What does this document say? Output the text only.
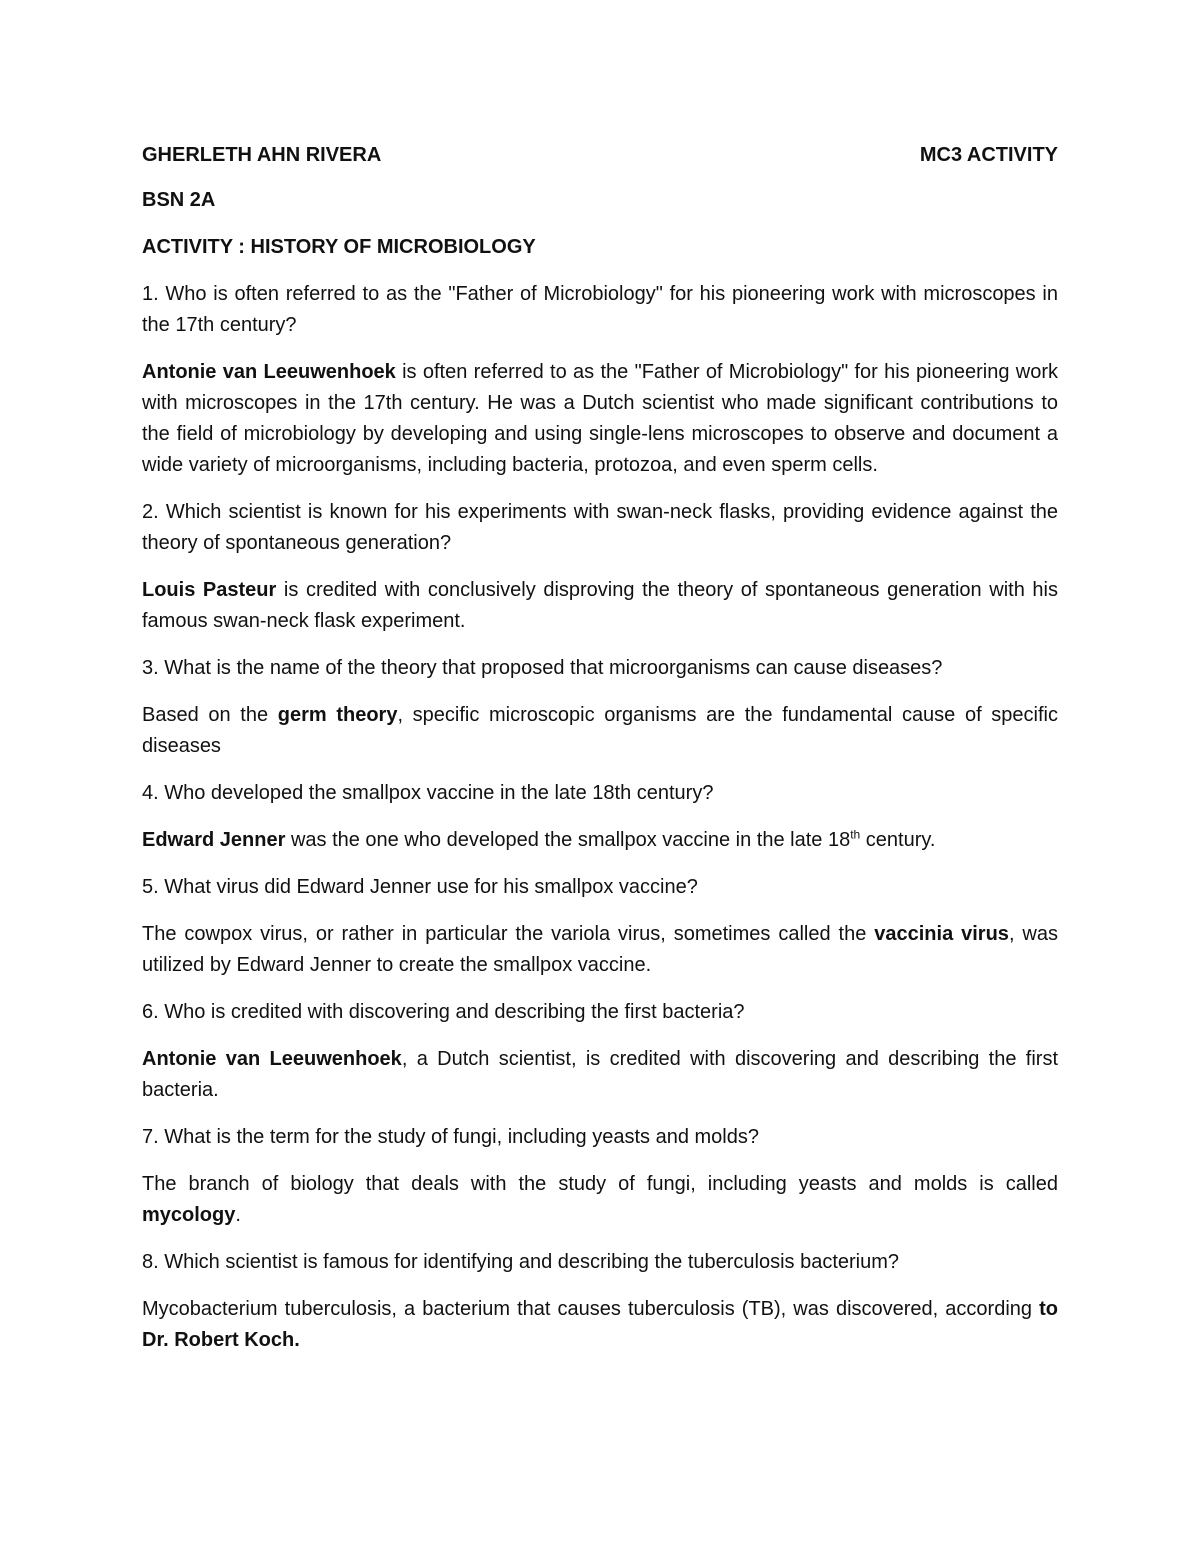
GHERLETH AHN RIVERA	MC3 ACTIVITY

BSN 2A

ACTIVITY : HISTORY OF MICROBIOLOGY

1. Who is often referred to as the "Father of Microbiology" for his pioneering work with microscopes in the 17th century?

Antonie van Leeuwenhoek is often referred to as the "Father of Microbiology" for his pioneering work with microscopes in the 17th century. He was a Dutch scientist who made significant contributions to the field of microbiology by developing and using single-lens microscopes to observe and document a wide variety of microorganisms, including bacteria, protozoa, and even sperm cells.

2. Which scientist is known for his experiments with swan-neck flasks, providing evidence against the theory of spontaneous generation?

Louis Pasteur is credited with conclusively disproving the theory of spontaneous generation with his famous swan-neck flask experiment.

3. What is the name of the theory that proposed that microorganisms can cause diseases?

Based on the germ theory, specific microscopic organisms are the fundamental cause of specific diseases

4. Who developed the smallpox vaccine in the late 18th century?

Edward Jenner was the one who developed the smallpox vaccine in the late 18th century.

5. What virus did Edward Jenner use for his smallpox vaccine?

The cowpox virus, or rather in particular the variola virus, sometimes called the vaccinia virus, was utilized by Edward Jenner to create the smallpox vaccine.

6. Who is credited with discovering and describing the first bacteria?

Antonie van Leeuwenhoek, a Dutch scientist, is credited with discovering and describing the first bacteria.

7. What is the term for the study of fungi, including yeasts and molds?

The branch of biology that deals with the study of fungi, including yeasts and molds is called mycology.

8. Which scientist is famous for identifying and describing the tuberculosis bacterium?

Mycobacterium tuberculosis, a bacterium that causes tuberculosis (TB), was discovered, according to Dr. Robert Koch.
